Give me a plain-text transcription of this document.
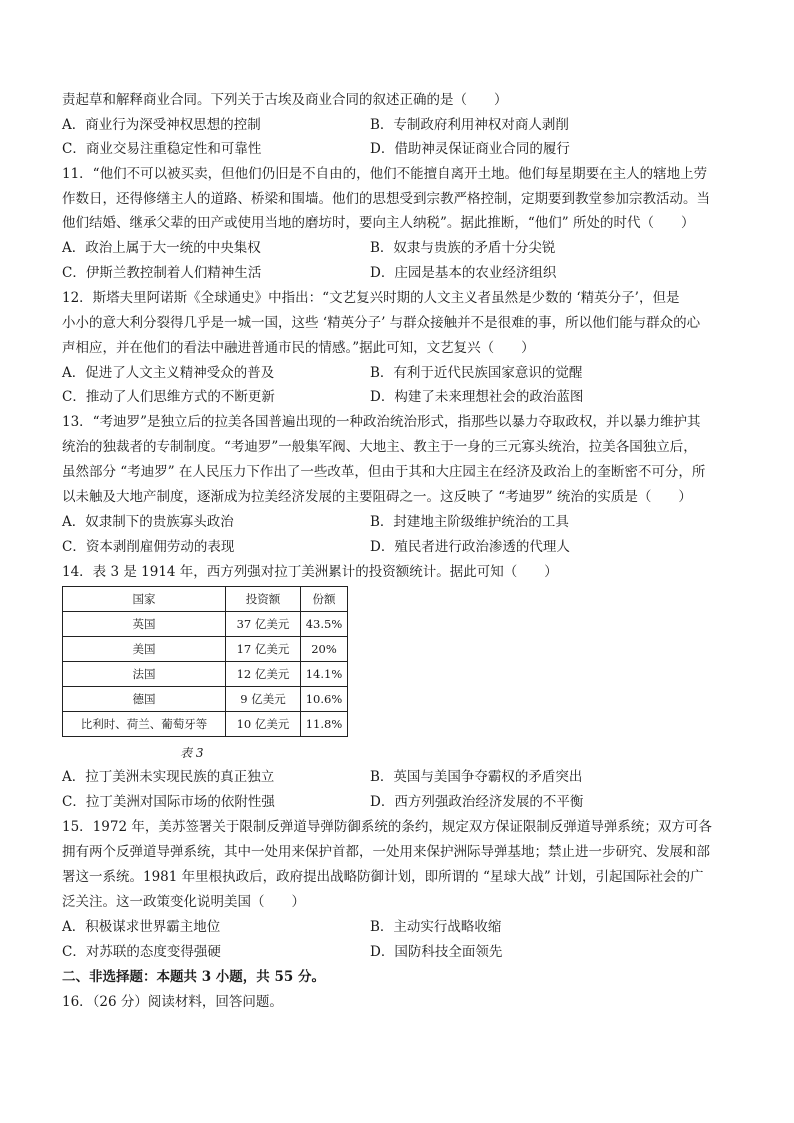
责起草和解释商业合同。下列关于古埃及商业合同的叙述正确的是（　　）
A．商业行为深受神权思想的控制	B．专制政府利用神权对商人剥削
C．商业交易注重稳定性和可靠性	D．借助神灵保证商业合同的履行
11．“他们不可以被买卖，但他们仍旧是不自由的，他们不能擅自离开土地。他们每星期要在主人的辖地上劳
作数日，还得修缮主人的道路、桥梁和围墙。他们的思想受到宗教严格控制，定期要到教堂参加宗教活动。当
他们结婚、继承父辈的田产或使用当地的磨坊时，要向主人纳税”。据此推断，“他们” 所处的时代（　　）
A．政治上属于大一统的中央集权	B．奴隶与贵族的矛盾十分尖锐
C．伊斯兰教控制着人们精神生活	D．庄园是基本的农业经济组织
12．斯塔夫里阿诺斯《全球通史》中指出：“文艺复兴时期的人文主义者虽然是少数的 ‘精英分子’，但是
小小的意大利分裂得几乎是一城一国，这些 ‘精英分子’ 与群众接触并不是很难的事，所以他们能与群众的心
声相应，并在他们的看法中融进普通市民的情感。”据此可知，文艺复兴（　　）
A．促进了人文主义精神受众的普及	B．有利于近代民族国家意识的觉醒
C．推动了人们思维方式的不断更新	D．构建了未来理想社会的政治蓝图
13．“考迪罗”是独立后的拉美各国普遍出现的一种政治统治形式，指那些以暴力夺取政权，并以暴力维护其
统治的独裁者的专制制度。“考迪罗”一般集军阀、大地主、教主于一身的三元寡头统治，拉美各国独立后，
虽然部分 “考迪罗” 在人民压力下作出了一些改革，但由于其和大庄园主在经济及政治上的奎断密不可分，所
以未触及大地产制度，逐渐成为拉美经济发展的主要阻碍之一。这反映了 “考迪罗” 统治的实质是（　　）
A．奴隶制下的贵族寡头政治	B．封建地主阶级维护统治的工具
C．资本剥削雇佣劳动的表现	D．殖民者进行政治渗透的代理人
14．表 3 是 1914 年，西方列强对拉丁美洲累计的投资额统计。据此可知（　　）
国家	投资额	份额
英国	37 亿美元	43.5%
美国	17 亿美元	20%
法国	12 亿美元	14.1%
德国	9 亿美元	10.6%
比利时、荷兰、葡萄牙等	10 亿美元	11.8%
表 3
A．拉丁美洲未实现民族的真正独立	B．英国与美国争夺霸权的矛盾突出
C．拉丁美洲对国际市场的依附性强	D．西方列强政治经济发展的不平衡
15．1972 年，美苏签署关于限制反弹道导弹防御系统的条约，规定双方保证限制反弹道导弹系统；双方可各
拥有两个反弹道导弹系统，其中一处用来保护首都，一处用来保护洲际导弹基地；禁止进一步研究、发展和部
署这一系统。1981 年里根执政后，政府提出战略防御计划，即所谓的 “星球大战” 计划，引起国际社会的广
泛关注。这一政策变化说明美国（　　）
A．积极谋求世界霸主地位	B．主动实行战略收缩
C．对苏联的态度变得强硬	D．国防科技全面领先
二、非选择题：本题共 3 小题，共 55 分。
16．（26 分）阅读材料，回答问题。
